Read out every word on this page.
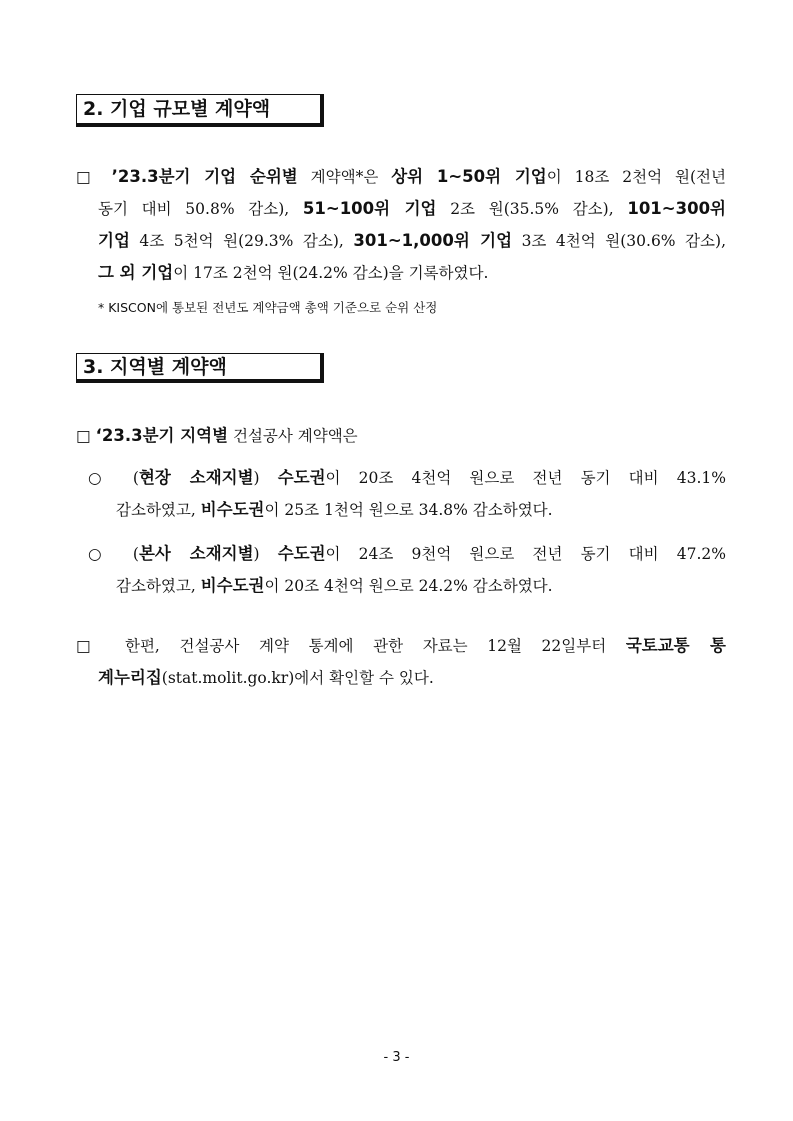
2. 기업 규모별 계약액
□ ’23.3분기 기업 순위별 계약액*은 상위 1~50위 기업이 18조 2천억 원(전년
동기 대비 50.8% 감소), 51~100위 기업 2조 원(35.5% 감소), 101~300위
기업 4조 5천억 원(29.3% 감소), 301~1,000위 기업 3조 4천억 원(30.6% 감소),
그 외 기업이 17조 2천억 원(24.2% 감소)을 기록하였다.
* KISCON에 통보된 전년도 계약금액 총액 기준으로 순위 산정
3. 지역별 계약액
□ ‘23.3분기 지역별 건설공사 계약액은
○ (현장 소재지별) 수도권이 20조 4천억 원으로 전년 동기 대비 43.1%
감소하였고, 비수도권이 25조 1천억 원으로 34.8% 감소하였다.
○ (본사 소재지별) 수도권이 24조 9천억 원으로 전년 동기 대비 47.2%
감소하였고, 비수도권이 20조 4천억 원으로 24.2% 감소하였다.
□ 한편, 건설공사 계약 통계에 관한 자료는 12월 22일부터 국토교통 통
계누리집(stat.molit.go.kr)에서 확인할 수 있다.
- 3 -
